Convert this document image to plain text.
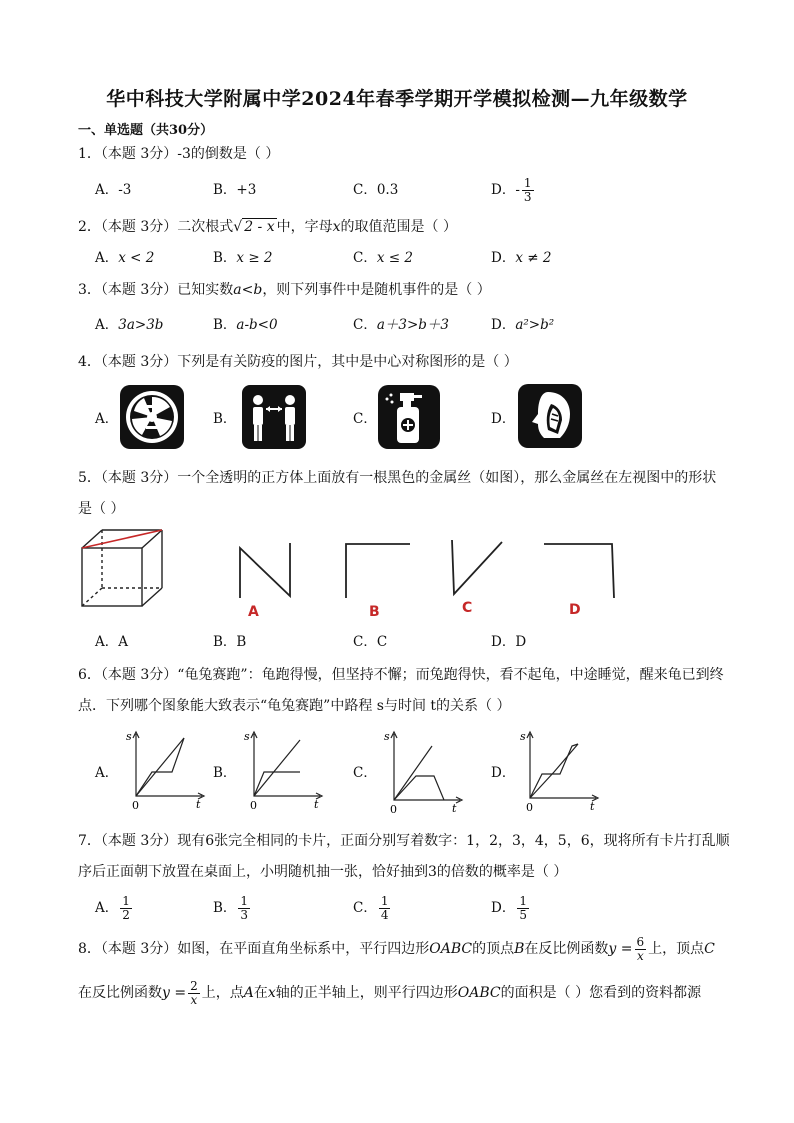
华中科技大学附属中学2024年春季学期开学模拟检测—九年级数学
一、单选题（共30分）
1．（本题 3分）-3的倒数是（ ）
A．-3	B．+3	C．0.3	D．- $\frac{1}{3}$
2．（本题 3分）二次根式√ 2 - x 中，字母x的取值范围是（ ）
A．x < 2	B．x ≥ 2	C．x ≤ 2	D．x ≠ 2
3．（本题 3分）已知实数a<b，则下列事件中是随机事件的是（ ）
A．3a>3b	B．a-b<0	C．a＋3>b＋3	D．a²>b²
4．（本题 3分）下列是有关防疫的图片，其中是中心对称图形的是（ ）
A．	B．	C．	D．
5．（本题 3分）一个全透明的正方体上面放有一根黑色的金属丝（如图），那么金属丝在左视图中的形状
是（ ）
A	B	C	D
A．A	B．B	C．C	D．D
6．（本题 3分）“龟兔赛跑”：龟跑得慢，但坚持不懈；而兔跑得快，看不起龟，中途睡觉，醒来龟已到终
点．下列哪个图象能大致表示“龟兔赛跑”中路程 s与时间 t的关系（ ）
A．	B．	C．	D．
s
0	t
s
0	t
s
0	t
s
0	t
7．（本题 3分）现有6张完全相同的卡片，正面分别写着数字：1，2，3，4，5，6，现将所有卡片打乱顺
序后正面朝下放置在桌面上，小明随机抽一张，恰好抽到3的倍数的概率是（ ）
A． $\frac{1}{2}$	B． $\frac{1}{3}$	C． $\frac{1}{4}$	D． $\frac{1}{5}$
8．（本题 3分）如图，在平面直角坐标系中，平行四边形OABC的顶点B在反比例函数$y = \frac{6}{x}$ 上，顶点C
在反比例函数$y = \frac{2}{x}$ 上，点A在x轴的正半轴上，则平行四边形OABC的面积是（ ）您看到的资料都源
